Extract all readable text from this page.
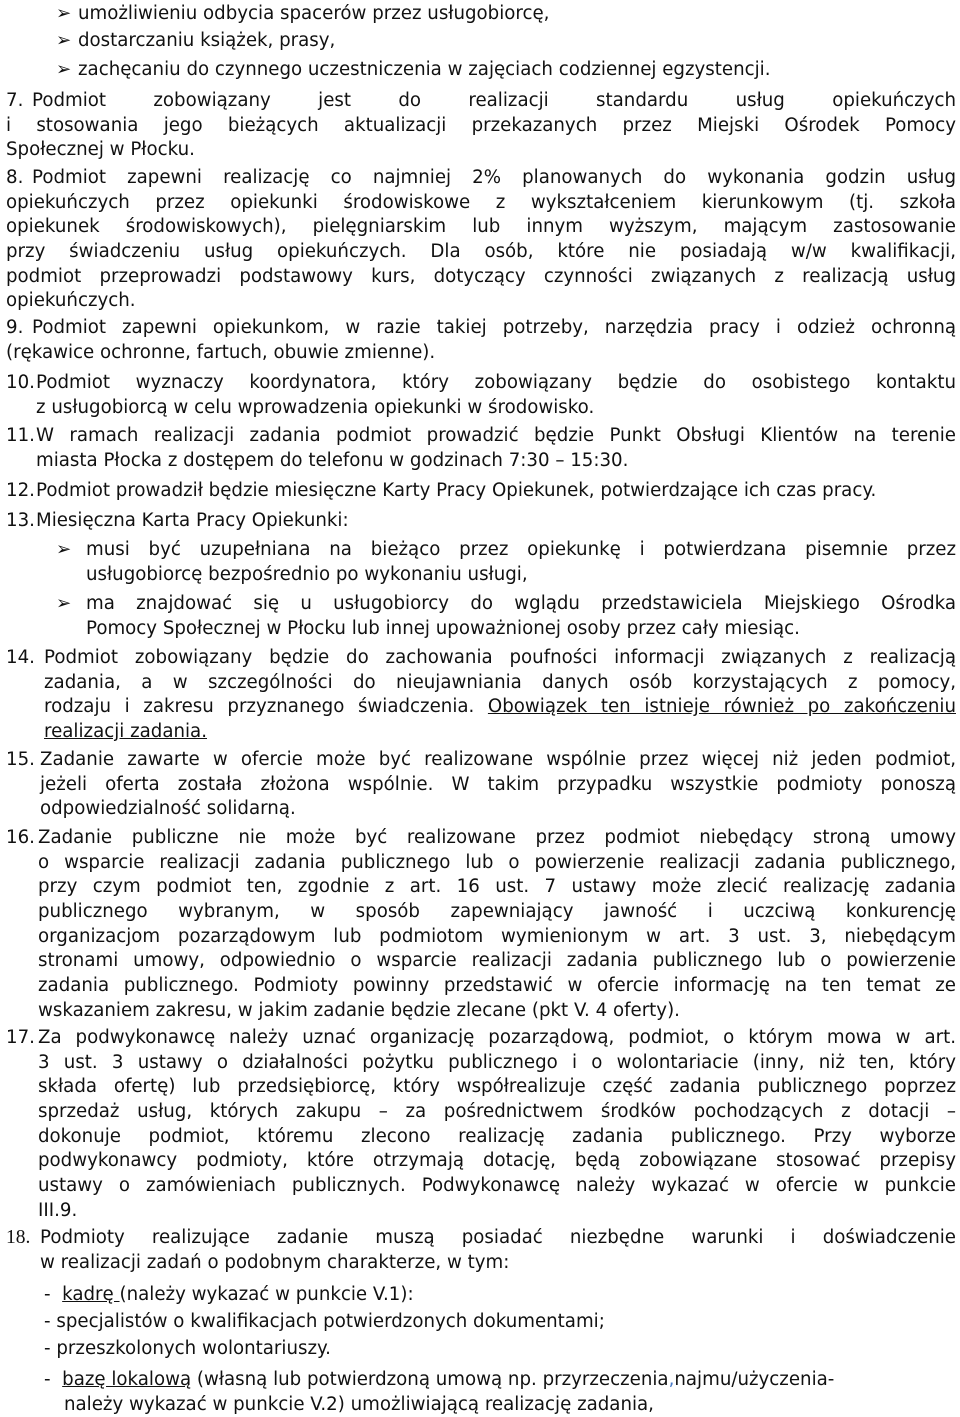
➢ umożliwieniu odbycia spacerów przez usługobiorcę,
➢ dostarczaniu książek, prasy,
➢ zachęcaniu do czynnego uczestniczenia w zajęciach codziennej egzystencji.
7. Podmiot zobowiązany jest do realizacji standardu usług opiekuńczych
i stosowania jego bieżących aktualizacji przekazanych przez Miejski Ośrodek Pomocy
Społecznej w Płocku.
8. Podmiot zapewni realizację co najmniej 2% planowanych do wykonania godzin usług
opiekuńczych przez opiekunki środowiskowe z wykształceniem kierunkowym (tj. szkoła
opiekunek środowiskowych), pielęgniarskim lub innym wyższym, mającym zastosowanie
przy świadczeniu usług opiekuńczych. Dla osób, które nie posiadają w/w kwalifikacji,
podmiot przeprowadzi podstawowy kurs, dotyczący czynności związanych z realizacją usług
opiekuńczych.
9. Podmiot zapewni opiekunkom, w razie takiej potrzeby, narzędzia pracy i odzież ochronną
(rękawice ochronne, fartuch, obuwie zmienne).
10. Podmiot wyznaczy koordynatora, który zobowiązany będzie do osobistego kontaktu
z usługobiorcą w celu wprowadzenia opiekunki w środowisko.
11. W ramach realizacji zadania podmiot prowadzić będzie Punkt Obsługi Klientów na terenie
miasta Płocka z dostępem do telefonu w godzinach 7:30 – 15:30.
12. Podmiot prowadził będzie miesięczne Karty Pracy Opiekunek, potwierdzające ich czas pracy.
13. Miesięczna Karta Pracy Opiekunki:
➢ musi być uzupełniana na bieżąco przez opiekunkę i potwierdzana pisemnie przez
usługobiorcę bezpośrednio po wykonaniu usługi,
➢ ma znajdować się u usługobiorcy do wglądu przedstawiciela Miejskiego Ośrodka
Pomocy Społecznej w Płocku lub innej upoważnionej osoby przez cały miesiąc.
14. Podmiot zobowiązany będzie do zachowania poufności informacji związanych z realizacją
zadania, a w szczególności do nieujawniania danych osób korzystających z pomocy,
rodzaju i zakresu przyznanego świadczenia. Obowiązek ten istnieje również po zakończeniu
realizacji zadania.
15. Zadanie zawarte w ofercie może być realizowane wspólnie przez więcej niż jeden podmiot,
jeżeli oferta została złożona wspólnie. W takim przypadku wszystkie podmioty ponoszą
odpowiedzialność solidarną.
16. Zadanie publiczne nie może być realizowane przez podmiot niebędący stroną umowy
o wsparcie realizacji zadania publicznego lub o powierzenie realizacji zadania publicznego,
przy czym podmiot ten, zgodnie z art. 16 ust. 7 ustawy może zlecić realizację zadania
publicznego wybranym, w sposób zapewniający jawność i uczciwą konkurencję
organizacjom pozarządowym lub podmiotom wymienionym w art. 3 ust. 3, niebędącym
stronami umowy, odpowiednio o wsparcie realizacji zadania publicznego lub o powierzenie
zadania publicznego. Podmioty powinny przedstawić w ofercie informację na ten temat ze
wskazaniem zakresu, w jakim zadanie będzie zlecane (pkt V. 4 oferty).
17. Za podwykonawcę należy uznać organizację pozarządową, podmiot, o którym mowa w art.
3 ust. 3 ustawy o działalności pożytku publicznego i o wolontariacie (inny, niż ten, który
składa ofertę) lub przedsiębiorcę, który współrealizuje część zadania publicznego poprzez
sprzedaż usług, których zakupu – za pośrednictwem środków pochodzących z dotacji –
dokonuje podmiot, któremu zlecono realizację zadania publicznego. Przy wyborze
podwykonawcy podmioty, które otrzymają dotację, będą zobowiązane stosować przepisy
ustawy o zamówieniach publicznych. Podwykonawcę należy wykazać w ofercie w punkcie
III.9.
18. Podmioty realizujące zadanie muszą posiadać niezbędne warunki i doświadczenie
w realizacji zadań o podobnym charakterze, w tym:
- kadrę (należy wykazać w punkcie V.1):
- specjalistów o kwalifikacjach potwierdzonych dokumentami;
- przeszkolonych wolontariuszy.
- bazę lokalową (własną lub potwierdzoną umową np. przyrzeczenia,najmu/użyczenia-
należy wykazać w punkcie V.2) umożliwiającą realizację zadania,
